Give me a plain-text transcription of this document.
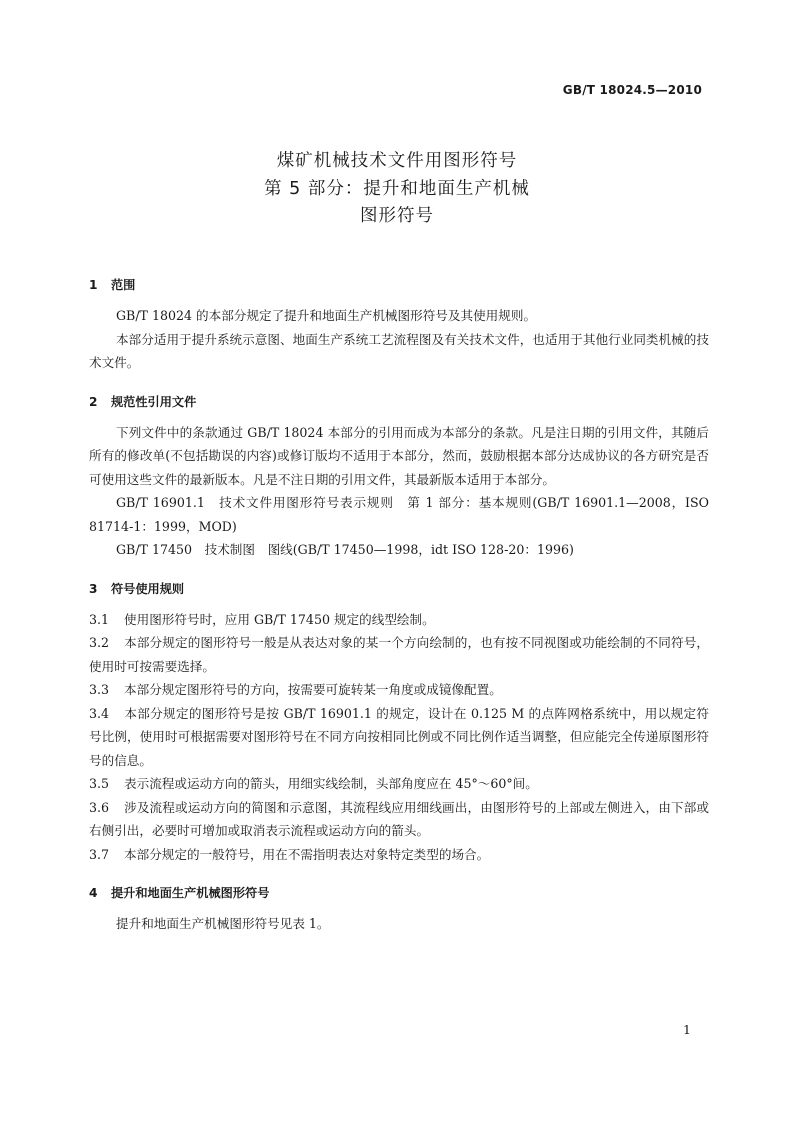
GB/T 18024.5—2010
煤矿机械技术文件用图形符号
第 5 部分：提升和地面生产机械
图形符号
1 范围

GB/T 18024 的本部分规定了提升和地面生产机械图形符号及其使用规则。

本部分适用于提升系统示意图、地面生产系统工艺流程图及有关技术文件，也适用于其他行业同类机械的技术文件。

2 规范性引用文件

下列文件中的条款通过 GB/T 18024 本部分的引用而成为本部分的条款。凡是注日期的引用文件，其随后所有的修改单(不包括勘误的内容)或修订版均不适用于本部分，然而，鼓励根据本部分达成协议的各方研究是否可使用这些文件的最新版本。凡是不注日期的引用文件，其最新版本适用于本部分。

GB/T 16901.1　技术文件用图形符号表示规则　第 1 部分：基本规则(GB/T 16901.1—2008，ISO 81714-1：1999，MOD)

GB/T 17450　技术制图　图线(GB/T 17450—1998，idt ISO 128-20：1996)

3 符号使用规则

3.1 使用图形符号时，应用 GB/T 17450 规定的线型绘制。

3.2 本部分规定的图形符号一般是从表达对象的某一个方向绘制的，也有按不同视图或功能绘制的不同符号，使用时可按需要选择。

3.3 本部分规定图形符号的方向，按需要可旋转某一角度或成镜像配置。

3.4 本部分规定的图形符号是按 GB/T 16901.1 的规定，设计在 0.125 M 的点阵网格系统中，用以规定符号比例，使用时可根据需要对图形符号在不同方向按相同比例或不同比例作适当调整，但应能完全传递原图形符号的信息。

3.5 表示流程或运动方向的箭头，用细实线绘制，头部角度应在 45°～60°间。

3.6 涉及流程或运动方向的简图和示意图，其流程线应用细线画出，由图形符号的上部或左侧进入，由下部或右侧引出，必要时可增加或取消表示流程或运动方向的箭头。

3.7 本部分规定的一般符号，用在不需指明表达对象特定类型的场合。

4 提升和地面生产机械图形符号

提升和地面生产机械图形符号见表 1。

1
